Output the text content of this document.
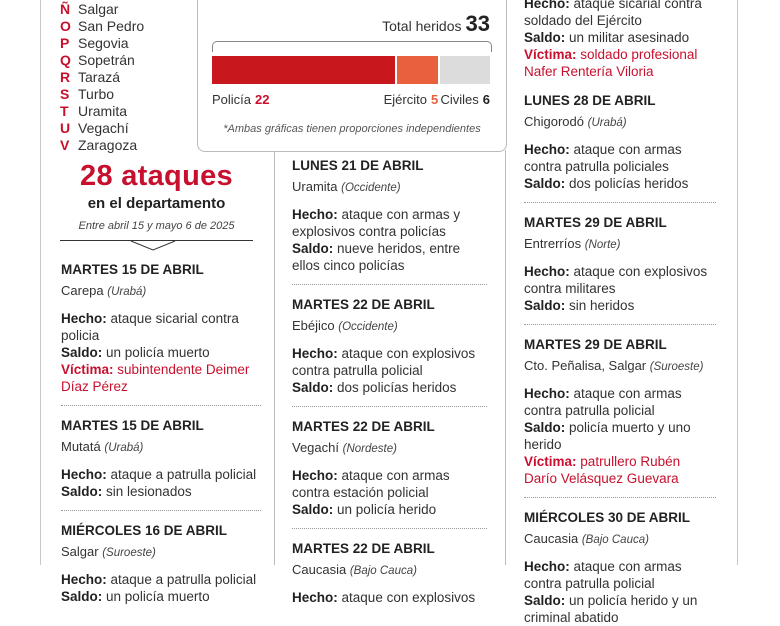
Ñ Salgar
O San Pedro
P Segovia
Q Sopetrán
R Tarazá
S Turbo
T Uramita
U Vegachí
V Zaragoza
Total heridos 33
Policía 22	Ejército 5 Civiles 6
*Ambas gráficas tienen proporciones independientes
28 ataques
en el departamento
Entre abril 15 y mayo 6 de 2025
MARTES 15 DE ABRIL
Carepa (Urabá)
Hecho: ataque sicarial contra policia
Saldo: un policía muerto
Víctima: subintendente Deimer Díaz Pérez
MARTES 15 DE ABRIL
Mutatá (Urabá)
Hecho: ataque a patrulla policial
Saldo: sin lesionados
MIÉRCOLES 16 DE ABRIL
Salgar (Suroeste)
Hecho: ataque a patrulla policial
Saldo: un policía muerto
LUNES 21 DE ABRIL
Uramita (Occidente)
Hecho: ataque con armas y explosivos contra policías
Saldo: nueve heridos, entre ellos cinco policías
MARTES 22 DE ABRIL
Ebéjico (Occidente)
Hecho: ataque con explosivos contra patrulla policial
Saldo: dos policías heridos
MARTES 22 DE ABRIL
Vegachí (Nordeste)
Hecho: ataque con armas contra estación policial
Saldo: un policía herido
MARTES 22 DE ABRIL
Caucasia (Bajo Cauca)
Hecho: ataque con explosivos
Hecho: ataque sicarial contra soldado del Ejército
Saldo: un militar asesinado
Víctima: soldado profesional Nafer Rentería Viloria
LUNES 28 DE ABRIL
Chigorodó (Urabá)
Hecho: ataque con armas contra patrulla policiales
Saldo: dos policías heridos
MARTES 29 DE ABRIL
Entrerríos (Norte)
Hecho: ataque con explosivos contra militares
Saldo: sin heridos
MARTES 29 DE ABRIL
Cto. Peñalisa, Salgar (Suroeste)
Hecho: ataque con armas contra patrulla policial
Saldo: policía muerto y uno herido
Víctima: patrullero Rubén Darío Velásquez Guevara
MIÉRCOLES 30 DE ABRIL
Caucasia (Bajo Cauca)
Hecho: ataque con armas contra patrulla policial
Saldo: un policía herido y un criminal abatido
